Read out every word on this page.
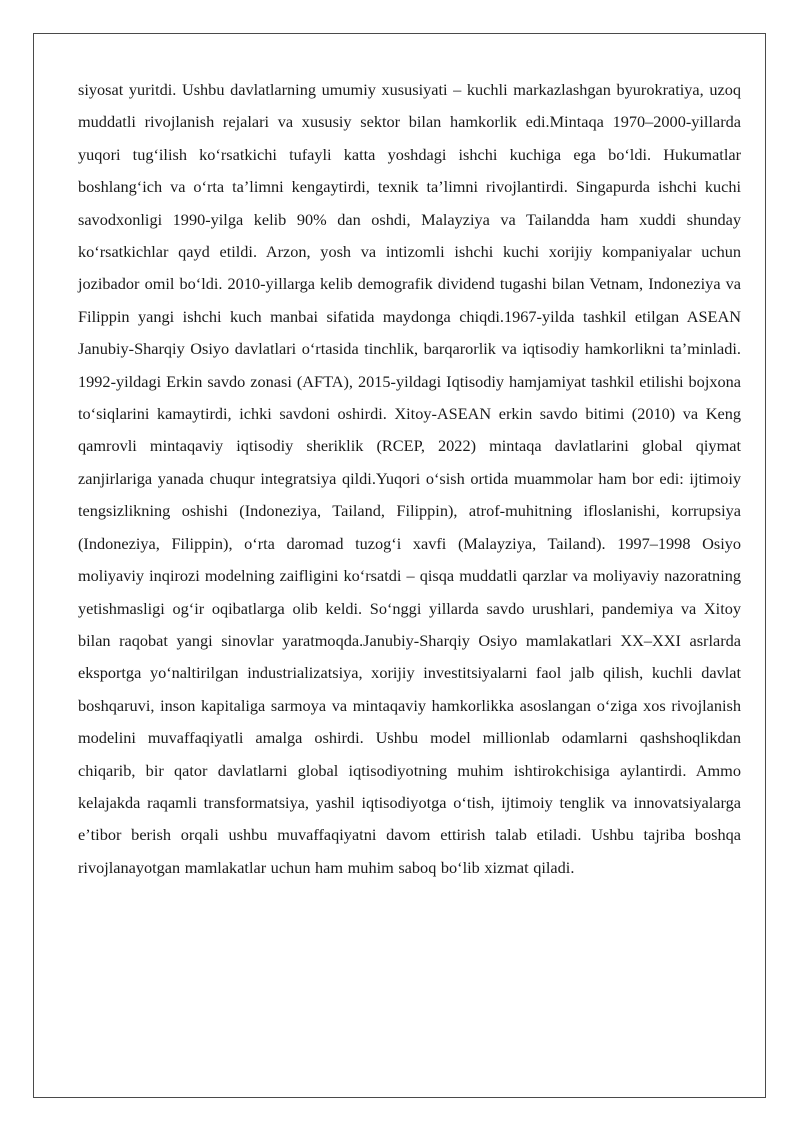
siyosat yuritdi. Ushbu davlatlarning umumiy xususiyati – kuchli markazlashgan byurokratiya, uzoq muddatli rivojlanish rejalari va xususiy sektor bilan hamkorlik edi.Mintaqa 1970–2000-yillarda yuqori tugʻilish koʻrsatkichi tufayli katta yoshdagi ishchi kuchiga ega boʻldi. Hukumatlar boshlangʻich va oʻrta taʼlimni kengaytirdi, texnik taʼlimni rivojlantirdi. Singapurda ishchi kuchi savodxonligi 1990-yilga kelib 90% dan oshdi, Malayziya va Tailandda ham xuddi shunday koʻrsatkichlar qayd etildi. Arzon, yosh va intizomli ishchi kuchi xorijiy kompaniyalar uchun jozibador omil boʻldi. 2010-yillarga kelib demografik dividend tugashi bilan Vetnam, Indoneziya va Filippin yangi ishchi kuch manbai sifatida maydonga chiqdi.1967-yilda tashkil etilgan ASEAN Janubiy-Sharqiy Osiyo davlatlari oʻrtasida tinchlik, barqarorlik va iqtisodiy hamkorlikni taʼminladi. 1992-yildagi Erkin savdo zonasi (AFTA), 2015-yildagi Iqtisodiy hamjamiyat tashkil etilishi bojxona toʻsiqlarini kamaytirdi, ichki savdoni oshirdi. Xitoy-ASEAN erkin savdo bitimi (2010) va Keng qamrovli mintaqaviy iqtisodiy sheriklik (RCEP, 2022) mintaqa davlatlarini global qiymat zanjirlariga yanada chuqur integratsiya qildi.Yuqori oʻsish ortida muammolar ham bor edi: ijtimoiy tengsizlikning oshishi (Indoneziya, Tailand, Filippin), atrof-muhitning ifloslanishi, korrupsiya (Indoneziya, Filippin), oʻrta daromad tuzogʻi xavfi (Malayziya, Tailand). 1997–1998 Osiyo moliyaviy inqirozi modelning zaifligini koʻrsatdi – qisqa muddatli qarzlar va moliyaviy nazoratning yetishmasligi ogʻir oqibatlarga olib keldi. Soʻnggi yillarda savdo urushlari, pandemiya va Xitoy bilan raqobat yangi sinovlar yaratmoqda.Janubiy-Sharqiy Osiyo mamlakatlari XX–XXI asrlarda eksportga yoʻnaltirilgan industrializatsiya, xorijiy investitsiyalarni faol jalb qilish, kuchli davlat boshqaruvi, inson kapitaliga sarmoya va mintaqaviy hamkorlikka asoslangan oʻziga xos rivojlanish modelini muvaffaqiyatli amalga oshirdi. Ushbu model millionlab odamlarni qashshoqlikdan chiqarib, bir qator davlatlarni global iqtisodiyotning muhim ishtirokchisiga aylantirdi. Ammo kelajakda raqamli transformatsiya, yashil iqtisodiyotga oʻtish, ijtimoiy tenglik va innovatsiyalarga eʼtibor berish orqali ushbu muvaffaqiyatni davom ettirish talab etiladi. Ushbu tajriba boshqa rivojlanayotgan mamlakatlar uchun ham muhim saboq boʻlib xizmat qiladi.
